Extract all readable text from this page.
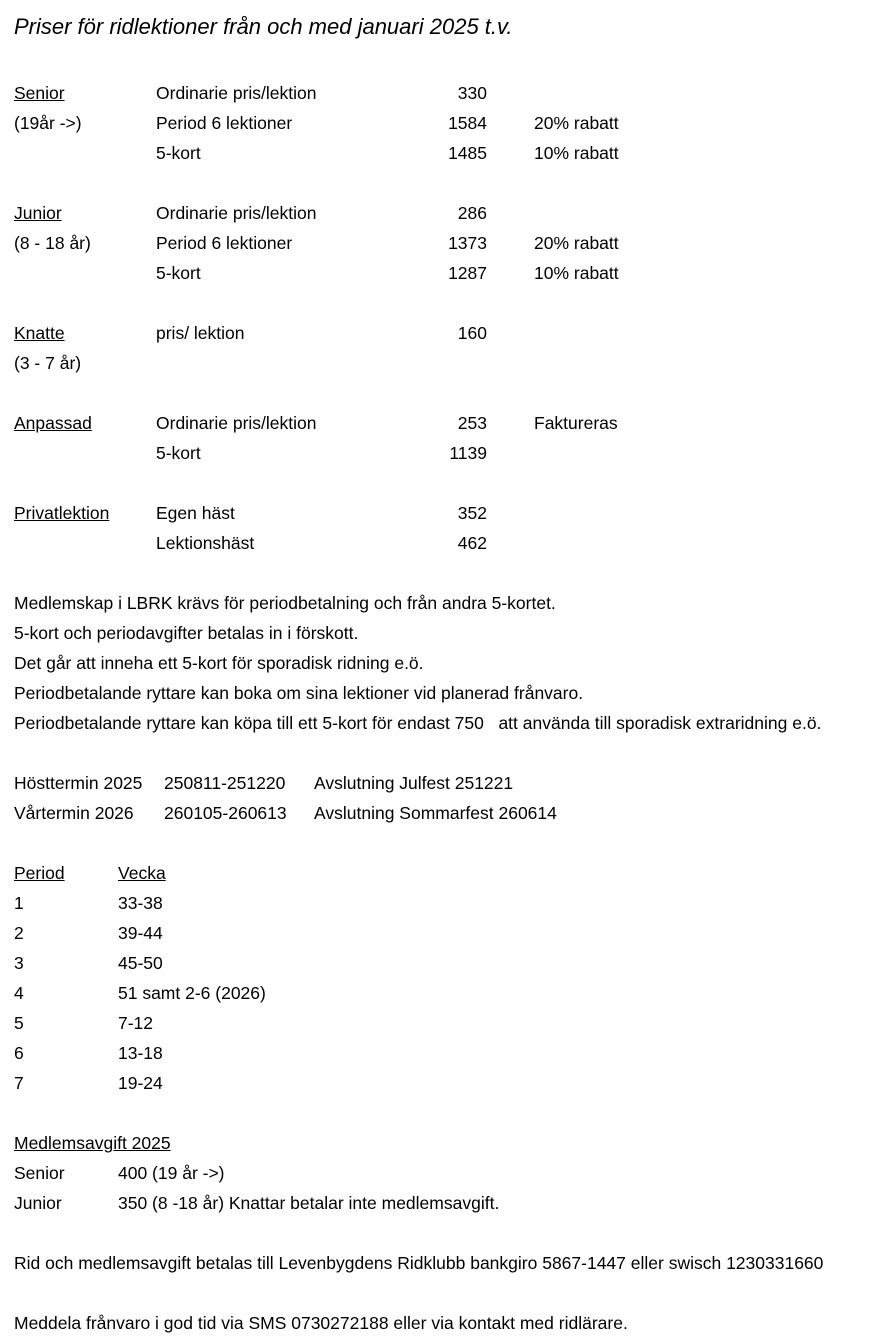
Priser för ridlektioner från och med januari 2025 t.v.
Senior
(19år ->)
Ordinarie pris/lektion	330
Period 6 lektioner	1584	20% rabatt
5-kort	1485	10% rabatt
Junior
(8 - 18 år)
Ordinarie pris/lektion	286
Period 6 lektioner	1373	20% rabatt
5-kort	1287	10% rabatt
Knatte
(3 - 7 år)
pris/ lektion	160
Anpassad	Ordinarie pris/lektion	253	Faktureras
5-kort	1139
Privatlektion	Egen häst	352
Lektionshäst	462
Medlemskap i LBRK krävs för periodbetalning och från andra 5-kortet.
5-kort och periodavgifter betalas in i förskott.
Det går att inneha ett 5-kort för sporadisk ridning e.ö.
Periodbetalande ryttare kan boka om sina lektioner vid planerad frånvaro.
Periodbetalande ryttare kan köpa till ett 5-kort för endast 750   att använda till sporadisk extraridning e.ö.
Hösttermin 2025 250811-251220 Avslutning Julfest 251221
Vårtermin 2026 260105-260613 Avslutning Sommarfest 260614
Period	Vecka
1	33-38
2	39-44
3	45-50
4	51 samt 2-6 (2026)
5	7-12
6	13-18
7	19-24
Medlemsavgift 2025
Senior	400 (19 år ->)
Junior	350 (8 -18 år) Knattar betalar inte medlemsavgift.
Rid och medlemsavgift betalas till Levenbygdens Ridklubb bankgiro 5867-1447 eller swisch 1230331660
Meddela frånvaro i god tid via SMS 0730272188 eller via kontakt med ridlärare.
